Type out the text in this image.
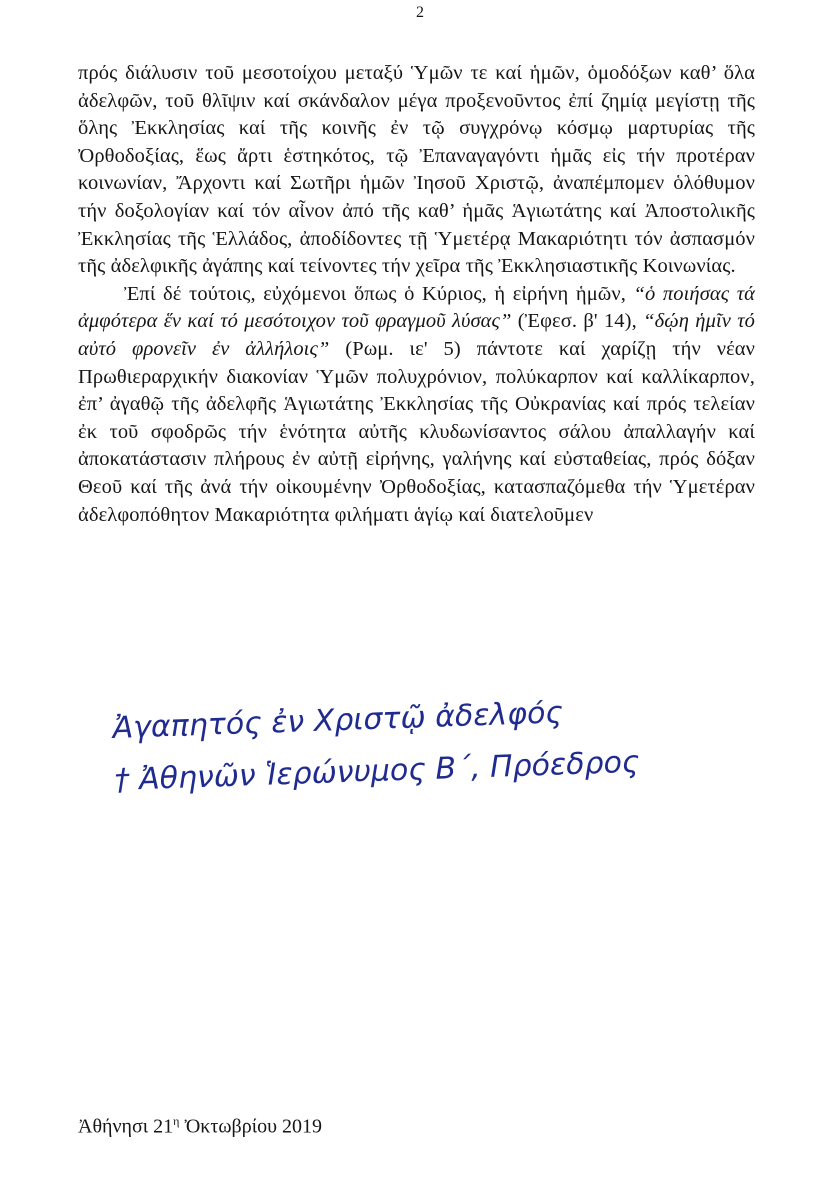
2

πρός διάλυσιν τοῦ μεσοτοίχου μεταξύ Ὑμῶν τε καί ἡμῶν, ὁμοδόξων καθ’ ὅλα ἀδελφῶν, τοῦ θλῖψιν καί σκάνδαλον μέγα προξενοῦντος ἐπί ζημίᾳ μεγίστῃ τῆς ὅλης Ἐκκλησίας καί τῆς κοινῆς ἐν τῷ συγχρόνῳ κόσμῳ μαρτυρίας τῆς Ὀρθοδοξίας, ἕως ἄρτι ἑστηκότος, τῷ Ἐπαναγαγόντι ἡμᾶς εἰς τήν προτέραν κοινωνίαν, Ἄρχοντι καί Σωτῆρι ἡμῶν Ἰησοῦ Χριστῷ, ἀναπέμπομεν ὁλόθυμον τήν δοξολογίαν καί τόν αἶνον ἀπό τῆς καθ’ ἡμᾶς Ἁγιωτάτης καί Ἀποστολικῆς Ἐκκλησίας τῆς Ἑλλάδος, ἀποδίδοντες τῇ Ὑμετέρᾳ Μακαριότητι τόν ἀσπασμόν τῆς ἀδελφικῆς ἀγάπης καί τείνοντες τήν χεῖρα τῆς Ἐκκλησιαστικῆς Κοινωνίας.

Ἐπί δέ τούτοις, εὐχόμενοι ὅπως ὁ Κύριος, ἡ εἰρήνη ἡμῶν, “ὁ ποιήσας τά ἀμφότερα ἕν καί τό μεσότοιχον τοῦ φραγμοῦ λύσας” (Ἐφεσ. β' 14), “δῴη ἡμῖν τό αὐτό φρονεῖν ἐν ἀλλήλοις” (Ρωμ. ιε' 5) πάντοτε καί χαρίζῃ τήν νέαν Πρωθιεραρχικήν διακονίαν Ὑμῶν πολυχρόνιον, πολύκαρπον καί καλλίκαρπον, ἐπ’ ἀγαθῷ τῆς ἀδελφῆς Ἁγιωτάτης Ἐκκλησίας τῆς Οὐκρανίας καί πρός τελείαν ἐκ τοῦ σφοδρῶς τήν ἑνότητα αὐτῆς κλυδωνίσαντος σάλου ἀπαλλαγήν καί ἀποκατάστασιν πλήρους ἐν αὐτῇ εἰρήνης, γαλήνης καί εὐσταθείας, πρός δόξαν Θεοῦ καί τῆς ἀνά τήν οἰκουμένην Ὀρθοδοξίας, κατασπαζόμεθα τήν Ὑμετέραν ἀδελφοπόθητον Μακαριότητα φιλήματι ἁγίῳ καί διατελοῦμεν

Ἀγαπητός ἐν Χριστῷ ἀδελφός
† Ἀθηνῶν Ἱερώνυμος Β΄, Πρόεδρος
Ἀθήνησι $21^\eta$ Ὀκτωβρίου 2019
